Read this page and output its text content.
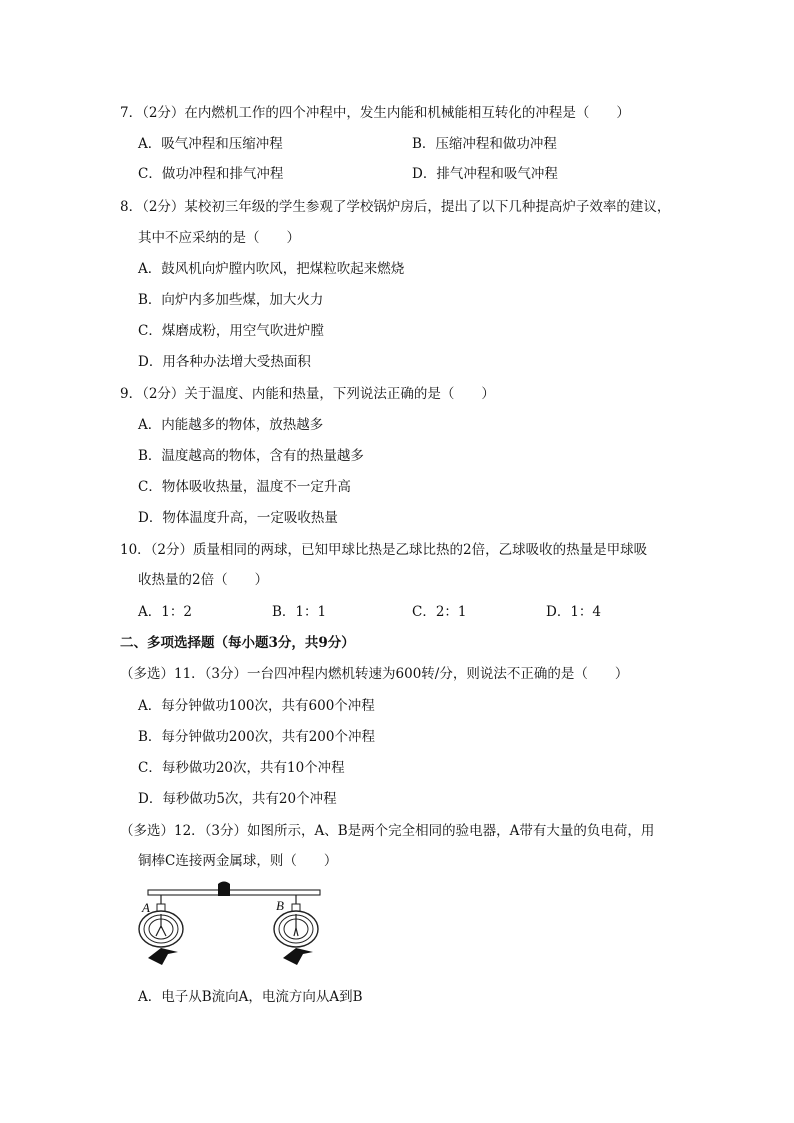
7．（2分）在内燃机工作的四个冲程中，发生内能和机械能相互转化的冲程是（　　）
A．吸气冲程和压缩冲程	B．压缩冲程和做功冲程
C．做功冲程和排气冲程	D．排气冲程和吸气冲程
8．（2分）某校初三年级的学生参观了学校锅炉房后，提出了以下几种提高炉子效率的建议，
其中不应采纳的是（　　）
A．鼓风机向炉膛内吹风，把煤粒吹起来燃烧
B．向炉内多加些煤，加大火力
C．煤磨成粉，用空气吹进炉膛
D．用各种办法增大受热面积
9．（2分）关于温度、内能和热量，下列说法正确的是（　　）
A．内能越多的物体，放热越多
B．温度越高的物体，含有的热量越多
C．物体吸收热量，温度不一定升高
D．物体温度升高，一定吸收热量
10．（2分）质量相同的两球，已知甲球比热是乙球比热的2倍，乙球吸收的热量是甲球吸
收热量的2倍（　　）
A．1：2	B．1：1	C．2：1	D．1：4
二、多项选择题（每小题3分，共9分）
（多选）11．（3分）一台四冲程内燃机转速为600转/分，则说法不正确的是（　　）
A．每分钟做功100次，共有600个冲程
B．每分钟做功200次，共有200个冲程
C．每秒做功20次，共有10个冲程
D．每秒做功5次，共有20个冲程
（多选）12．（3分）如图所示，A、B是两个完全相同的验电器，A带有大量的负电荷，用
铜棒C连接两金属球，则（　　）
A	B
A．电子从B流向A，电流方向从A到B
